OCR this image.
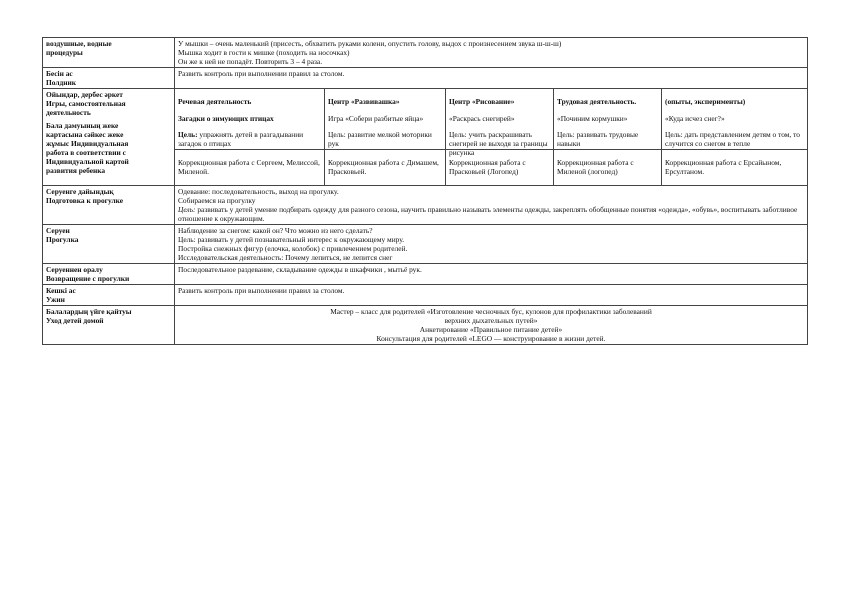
воздушные, водные

процедуры

У мышки – очень маленький (присесть, обхватить руками колени, опустить голову, выдох с произнесением звука ш-ш-ш)

Мышка ходит в гости к мишке (походить на носочках)

Он же к ней не попадёт. Повторить 3 – 4 раза.

Бесін ас

Полдник

Развить контроль при выполнении правил за столом.

Ойындар, дербес әркет

Игры, самостоятельная

деятельность

Бала дамуының жеке

картасына сәйкес жеке

жұмыс Индивидуальная

работа в соответствии с

Индивидуальной картой

развития ребенка

Речевая деятельность

Загадки о зимующих птицах

Цель: упражнять детей в разгадывании загадок о птицах

Центр «Развивашка»

Игра «Собери разбитые яйца»

Цель: развитие мелкой моторики рук

Центр «Рисование»

«Раскрась снегирей»

Цель: учить раскрашивать снегирей не выходя за границы рисунка

Трудовая деятельность.

«Починим кормушки»

Цель: развивать трудовые навыки

(опыты, эксперименты)

«Куда исчез снег?»

Цель: дать представлением детям о том, то случится со снегом в тепле

Коррекционная работа с Сергеем, Мелиссой, Миленой.

Коррекционная работа с Димашем, Прасковьей.

Коррекционная работа с Прасковьей (Логопед)

Коррекционная работа с Миленой (логопед)

Коррекционная работа с Ерсайыном, Ерсултаном.

Серуенге дайындық

Подготовка к прогулке

Одевание: последовательность, выход на прогулку.

Собираемся на прогулку

Цель: развивать у детей умение подбирать одежду для разного сезона, научить правильно называть элементы одежды, закреплять обобщенные понятия «одежда», «обувь», воспитывать заботливое отношение к окружающим.

Серуен

Прогулка

Наблюдение за снегом: какой он? Что можно из него сделать?

Цель: развивать у детей познавательный интерес к окружающему миру.

Постройка снежных фигур (елочка, колобок) с привлечением родителей.

Исследовательская деятельность: Почему лепиться, не лепится снег

Серуеннен оралу

Возвращение с прогулки

Последовательное раздевание, складывание одежды в шкафчики , мытьё рук.

Кешкі ас

Ужин

Развить контроль при выполнении правил за столом.

Балалардың үйге қайтуы

Уход детей домой

Мастер – класс для родителей «Изготовление чесночных бус, кулонов для профилактики заболеваний

верхних дыхательных путей»

Анкетирование «Правильное питание детей»

Консультация для родителей «LEGO — конструирование в жизни детей.
